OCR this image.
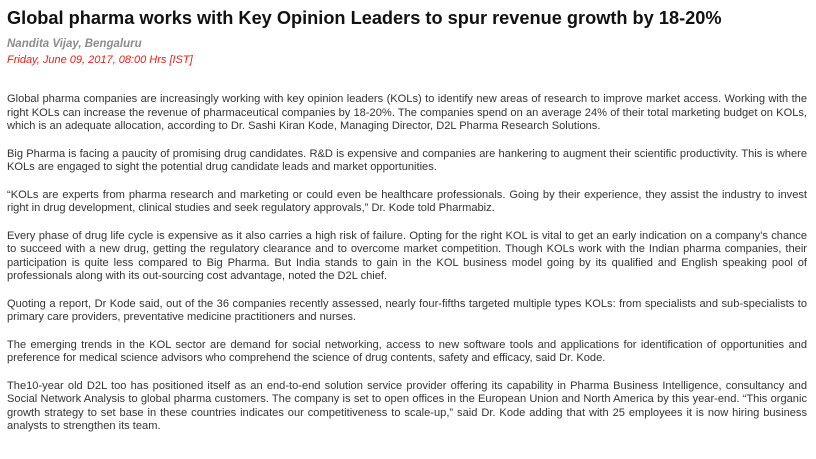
Global pharma works with Key Opinion Leaders to spur revenue growth by 18-20%
Nandita Vijay, Bengaluru
Friday, June 09, 2017, 08:00 Hrs [IST]

Global pharma companies are increasingly working with key opinion leaders (KOLs) to identify new areas of research to improve market access. Working with the right KOLs can increase the revenue of pharmaceutical companies by 18-20%. The companies spend on an average 24% of their total marketing budget on KOLs, which is an adequate allocation, according to Dr. Sashi Kiran Kode, Managing Director, D2L Pharma Research Solutions.

Big Pharma is facing a paucity of promising drug candidates. R&D is expensive and companies are hankering to augment their scientific productivity. This is where KOLs are engaged to sight the potential drug candidate leads and market opportunities.

“KOLs are experts from pharma research and marketing or could even be healthcare professionals. Going by their experience, they assist the industry to invest right in drug development, clinical studies and seek regulatory approvals,” Dr. Kode told Pharmabiz.

Every phase of drug life cycle is expensive as it also carries a high risk of failure. Opting for the right KOL is vital to get an early indication on a company’s chance to succeed with a new drug, getting the regulatory clearance and to overcome market competition. Though KOLs work with the Indian pharma companies, their participation is quite less compared to Big Pharma. But India stands to gain in the KOL business model going by its qualified and English speaking pool of professionals along with its out-sourcing cost advantage, noted the D2L chief.

Quoting a report, Dr Kode said, out of the 36 companies recently assessed, nearly four-fifths targeted multiple types KOLs: from specialists and sub-specialists to primary care providers, preventative medicine practitioners and nurses.

The emerging trends in the KOL sector are demand for social networking, access to new software tools and applications for identification of opportunities and preference for medical science advisors who comprehend the science of drug contents, safety and efficacy, said Dr. Kode.

The10-year old D2L too has positioned itself as an end-to-end solution service provider offering its capability in Pharma Business Intelligence, consultancy and Social Network Analysis to global pharma customers. The company is set to open offices in the European Union and North America by this year-end. “This organic growth strategy to set base in these countries indicates our competitiveness to scale-up,” said Dr. Kode adding that with 25 employees it is now hiring business analysts to strengthen its team.
